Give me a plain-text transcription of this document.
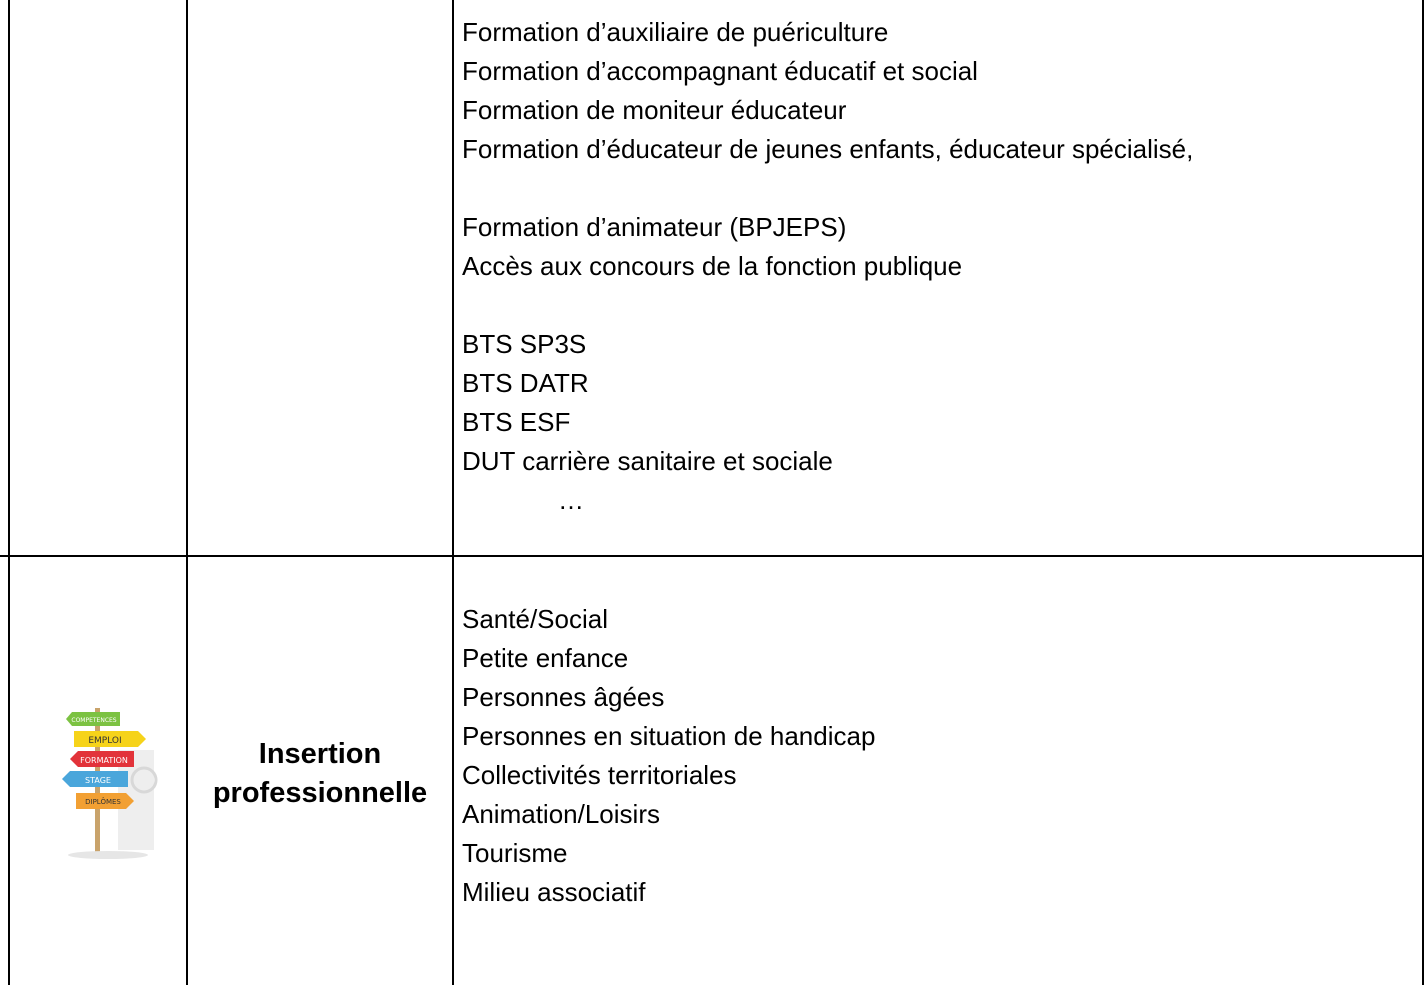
Formation d’auxiliaire de puériculture
Formation d’accompagnant éducatif et social
Formation de moniteur éducateur
Formation d’éducateur de jeunes enfants, éducateur spécialisé,
Formation d’animateur (BPJEPS)
Accès aux concours de la fonction publique
BTS SP3S
BTS DATR
BTS ESF
DUT carrière sanitaire et sociale
…
COMPETENCES
EMPLOI
FORMATION
STAGE
DIPLÔMES
Insertion
professionnelle
Santé/Social
Petite enfance
Personnes âgées
Personnes en situation de handicap
Collectivités territoriales
Animation/Loisirs
Tourisme
Milieu associatif
